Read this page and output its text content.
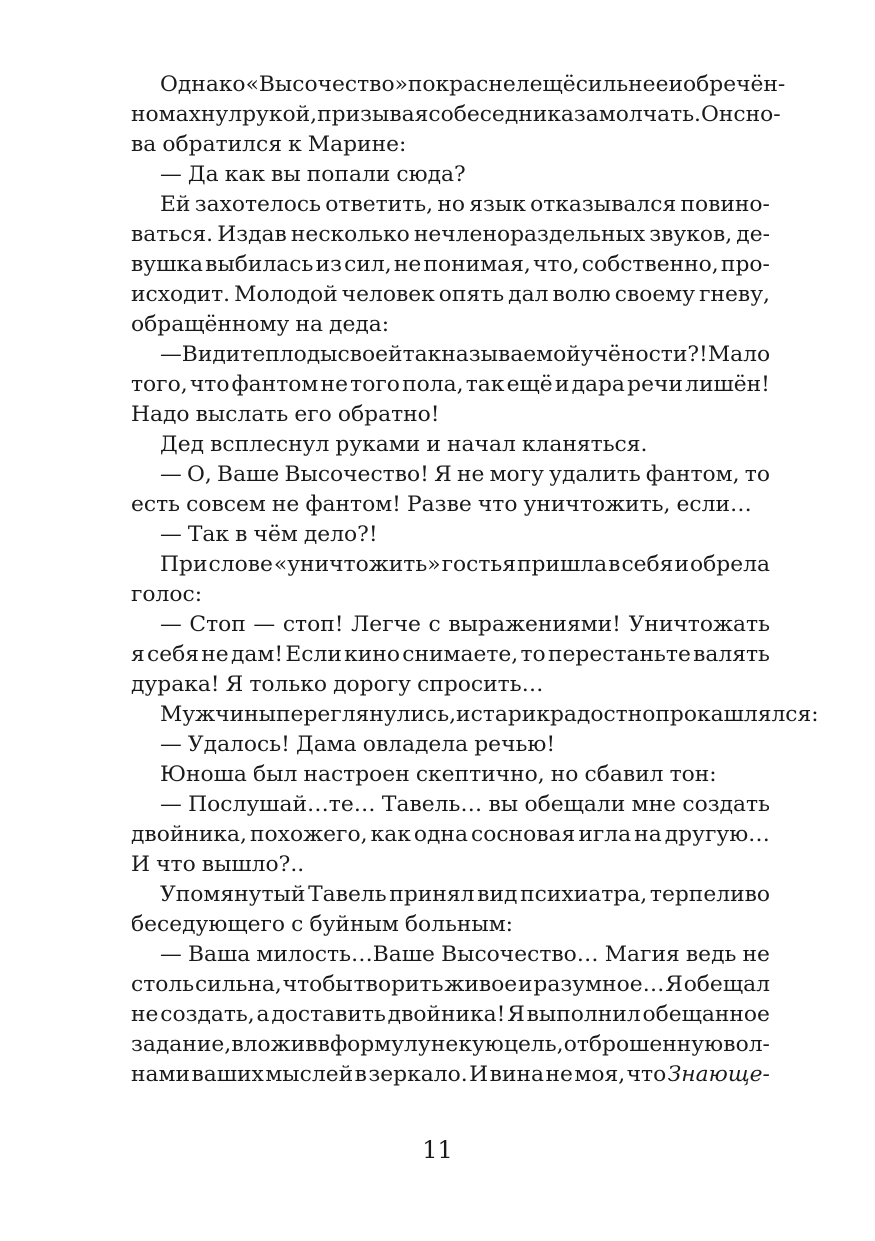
Однако «Высочество» покраснел ещё сильнее и обречён-
но махнул рукой, призывая собеседника замолчать. Он сно-
ва обратился к Марине:
— Да как вы попали сюда?
Ей захотелось ответить, но язык отказывался повино-
ваться. Издав несколько нечленораздельных звуков, де-
вушка выбилась из сил, не понимая, что, собственно, про-
исходит. Молодой человек опять дал волю своему гневу,
обращённому на деда:
— Видите плоды своей так называемой учёности?! Мало
того, что фантом не того пола, так ещё и дара речи лишён!
Надо выслать его обратно!
Дед всплеснул руками и начал кланяться.
— О, Ваше Высочество! Я не могу удалить фантом, то
есть совсем не фантом! Разве что уничтожить, если…
— Так в чём дело?!
При слове «уничтожить» гостья пришла в себя и обрела
голос:
— Стоп — стоп! Легче с выражениями! Уничтожать
я себя не дам! Если кино снимаете, то перестаньте валять
дурака! Я только дорогу спросить…
Мужчины переглянулись, и старик радостно прокашлялся:
— Удалось! Дама овладела речью!
Юноша был настроен скептично, но сбавил тон:
— Послушай…те… Тавель… вы обещали мне создать
двойника, похожего, как одна сосновая игла на другую…
И что вышло?..
Упомянутый Тавель принял вид психиатра, терпеливо
беседующего с буйным больным:
— Ваша милость…Ваше Высочество… Магия ведь не
столь сильна, чтобы творить живое и разумное… Я обещал
не создать, а доставить двойника! Я выполнил обещанное
задание, вложив в формулу некую цель, отброшенную вол-
нами ваших мыслей в зеркало. И вина не моя, что Знающе-
11
